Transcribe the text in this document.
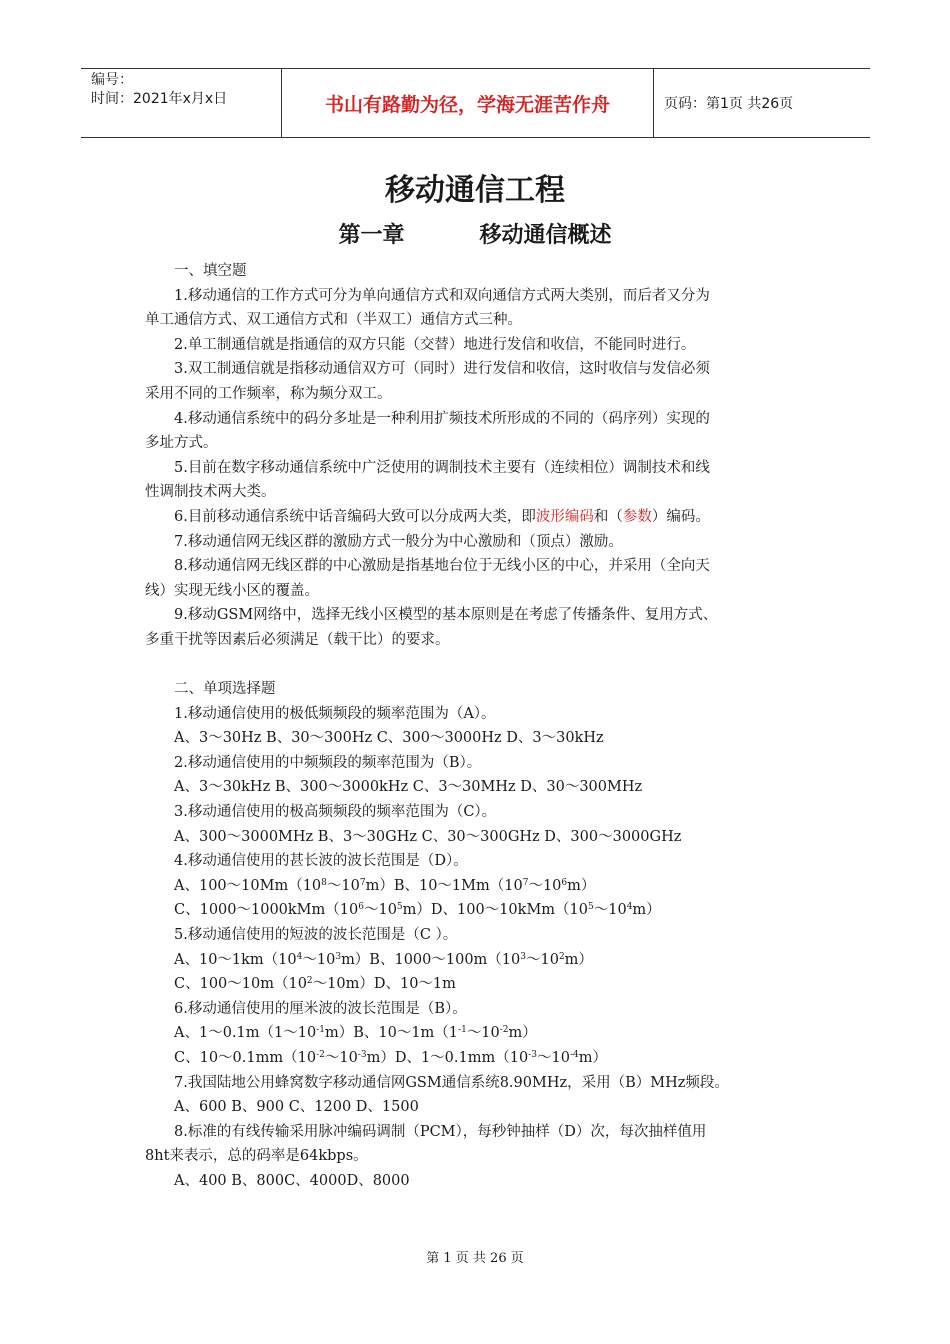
编号：
时间：2021年x月x日	书山有路勤为径，学海无涯苦作舟	页码：第1页 共26页
移动通信工程
第一章	移动通信概述
一、填空题
1.移动通信的工作方式可分为单向通信方式和双向通信方式两大类别，而后者又分为
单工通信方式、双工通信方式和（半双工）通信方式三种。
2.单工制通信就是指通信的双方只能（交替）地进行发信和收信，不能同时进行。
3.双工制通信就是指移动通信双方可（同时）进行发信和收信，这时收信与发信必须
采用不同的工作频率，称为频分双工。
4.移动通信系统中的码分多址是一种利用扩频技术所形成的不同的（码序列）实现的
多址方式。
5.目前在数字移动通信系统中广泛使用的调制技术主要有（连续相位）调制技术和线
性调制技术两大类。
6.目前移动通信系统中话音编码大致可以分成两大类，即波形编码和（参数）编码。
7.移动通信网无线区群的激励方式一般分为中心激励和（顶点）激励。
8.移动通信网无线区群的中心激励是指基地台位于无线小区的中心，并采用（全向天
线）实现无线小区的覆盖。
9.移动GSM网络中，选择无线小区模型的基本原则是在考虑了传播条件、复用方式、
多重干扰等因素后必须满足（载干比）的要求。
二、单项选择题
1.移动通信使用的极低频频段的频率范围为（A）。
A、3～30Hz B、30～300Hz C、300～3000Hz D、3～30kHz
2.移动通信使用的中频频段的频率范围为（B）。
A、3～30kHz B、300～3000kHz C、3～30MHz D、30～300MHz
3.移动通信使用的极高频频段的频率范围为（C）。
A、300～3000MHz B、3～30GHz C、30～300GHz D、300～3000GHz
4.移动通信使用的甚长波的波长范围是（D）。
A、$100\sim 10Mm(10^8\sim 10^7m)B$、$10\sim 1Mm(10^7\sim 10^6m)$
C、$1000\sim 1000kMm(10^6\sim 10^5m)D$、$100\sim 10kMm(10^5\sim 10^4m)$
5.移动通信使用的短波的波长范围是（C ）。
A、$10\sim 1km(10^4\sim 10^3m)B$、$1000\sim 100m(10^3\sim 10^2m)$
C、$100\sim 10m(10^2\sim 10m)D$、10～1m
6.移动通信使用的厘米波的波长范围是（B）。
A、$1\sim 0.1m(1\sim 10^{-1}m)B$、$10\sim 1m(1^{-1}\sim 10^{-2}m)$
C、$10\sim 0.1mm(10^{-2}\sim 10^{-3}m)D$、$1\sim 0.1mm(10^{-3}\sim 10^{-4}m)$
7.我国陆地公用蜂窝数字移动通信网GSM通信系统8.90MHz，采用（B）MHz频段。
A、600 B、900 C、1200 D、1500
8.标准的有线传输采用脉冲编码调制（PCM），每秒钟抽样（D）次，每次抽样值用
8ht来表示，总的码率是64kbps。
A、400 B、800C、4000D、8000
第 1 页 共 26 页
